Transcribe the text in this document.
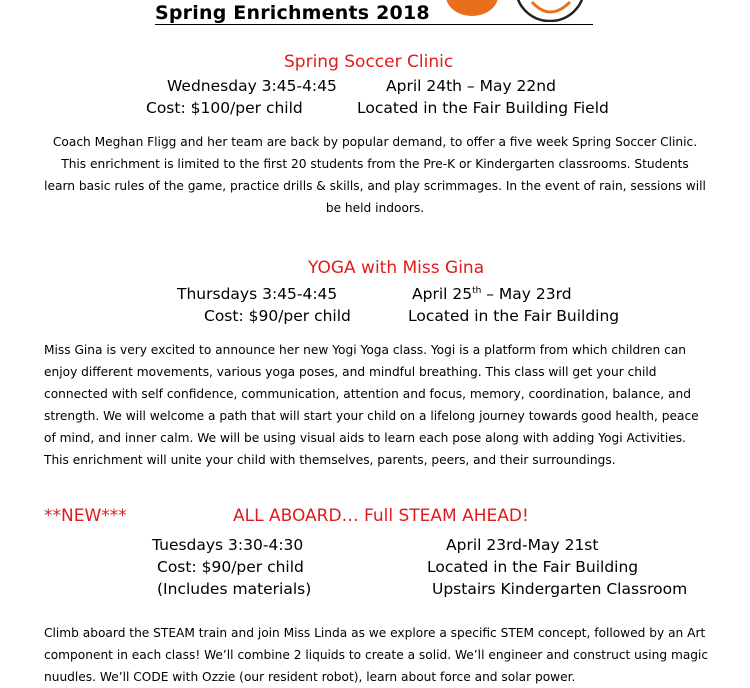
Spring Enrichments 2018
Spring Soccer Clinic
Wednesday 3:45-4:45	April 24th – May 22nd
Cost: $100/per child	Located in the Fair Building Field
Coach Meghan Fligg and her team are back by popular demand, to offer a five week Spring Soccer Clinic. This enrichment is limited to the first 20 students from the Pre-K or Kindergarten classrooms. Students learn basic rules of the game, practice drills & skills, and play scrimmages. In the event of rain, sessions will be held indoors.
YOGA with Miss Gina
Thursdays 3:45-4:45	April 25th – May 23rd
Cost: $90/per child	Located in the Fair Building
Miss Gina is very excited to announce her new Yogi Yoga class. Yogi is a platform from which children can enjoy different movements, various yoga poses, and mindful breathing. This class will get your child connected with self confidence, communication, attention and focus, memory, coordination, balance, and strength. We will welcome a path that will start your child on a lifelong journey towards good health, peace of mind, and inner calm. We will be using visual aids to learn each pose along with adding Yogi Activities. This enrichment will unite your child with themselves, parents, peers, and their surroundings.
**NEW***	ALL ABOARD… Full STEAM AHEAD!
Tuesdays 3:30-4:30	April 23rd-May 21st
Cost: $90/per child	Located in the Fair Building
(Includes materials)	Upstairs Kindergarten Classroom
Climb aboard the STEAM train and join Miss Linda as we explore a specific STEM concept, followed by an Art component in each class! We’ll combine 2 liquids to create a solid. We’ll engineer and construct using magic nuudles. We’ll CODE with Ozzie (our resident robot), learn about force and solar power.
